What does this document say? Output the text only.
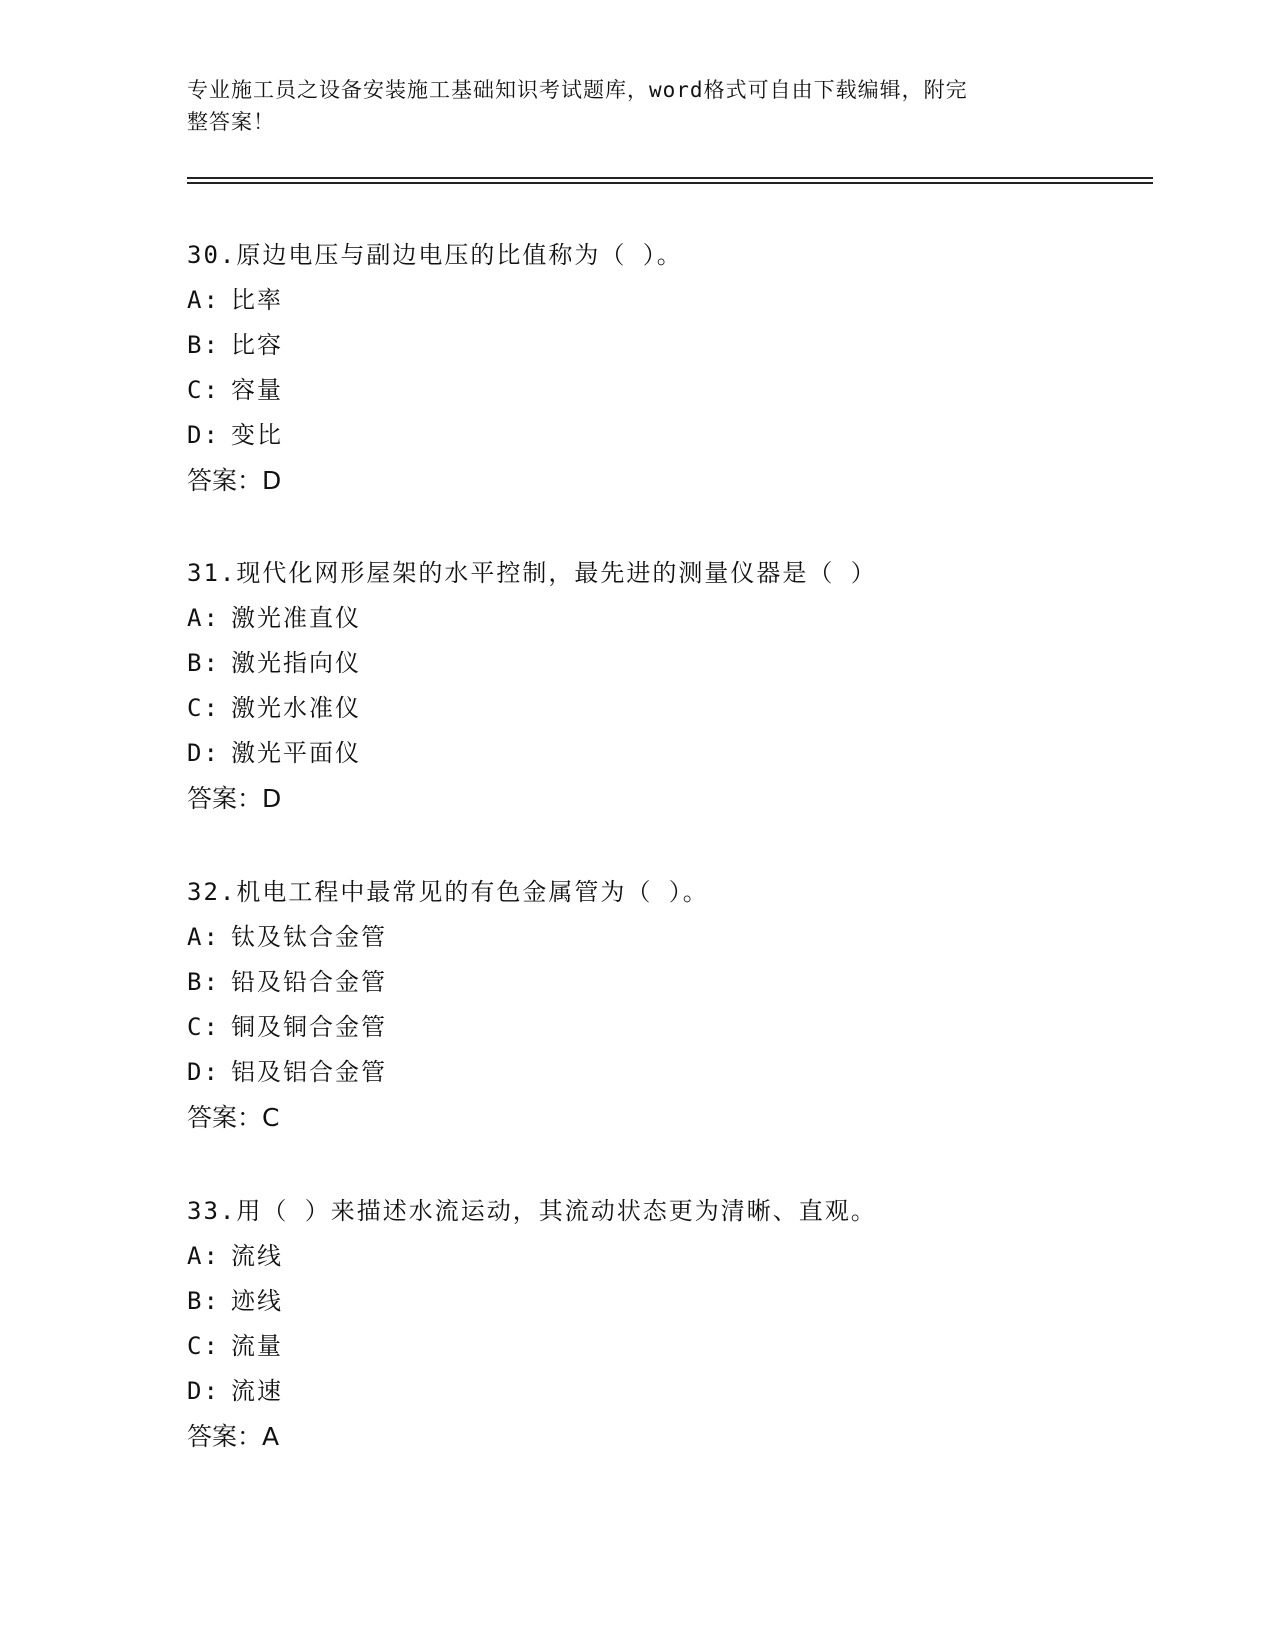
专业施工员之设备安装施工基础知识考试题库，word格式可自由下载编辑，附完
整答案！
30.原边电压与副边电压的比值称为（ ）。
A: 比率
B: 比容
C: 容量
D: 变比
答案：D
31.现代化网形屋架的水平控制，最先进的测量仪器是（ ）
A: 激光准直仪
B: 激光指向仪
C: 激光水准仪
D: 激光平面仪
答案：D
32.机电工程中最常见的有色金属管为（ ）。
A: 钛及钛合金管
B: 铅及铅合金管
C: 铜及铜合金管
D: 铝及铝合金管
答案：C
33.用（ ）来描述水流运动，其流动状态更为清晰、直观。
A: 流线
B: 迹线
C: 流量
D: 流速
答案：A
